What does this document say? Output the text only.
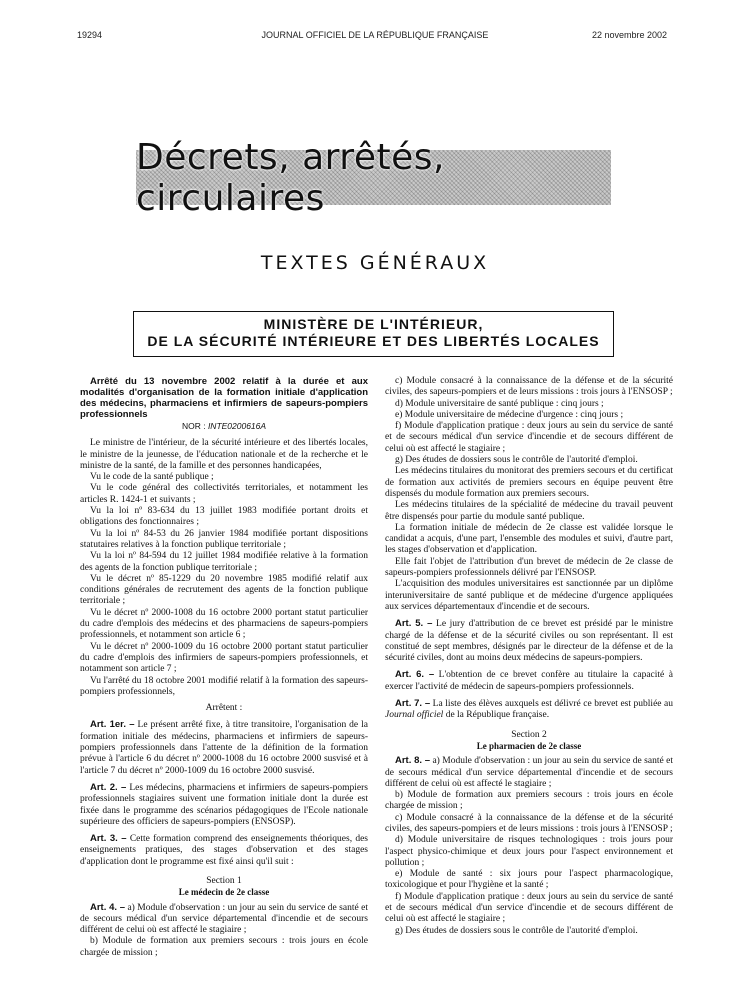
19294	JOURNAL OFFICIEL DE LA RÉPUBLIQUE FRANÇAISE	22 novembre 2002
Décrets, arrêtés, circulaires
TEXTES GÉNÉRAUX
MINISTÈRE DE L'INTÉRIEUR,
DE LA SÉCURITÉ INTÉRIEURE ET DES LIBERTÉS LOCALES

Arrêté du 13 novembre 2002 relatif à la durée et aux modalités d'organisation de la formation initiale d'application des médecins, pharmaciens et infirmiers de sapeurs-pompiers professionnels

NOR : INTE0200616A

Le ministre de l'intérieur, de la sécurité intérieure et des libertés locales, le ministre de la jeunesse, de l'éducation nationale et de la recherche et le ministre de la santé, de la famille et des personnes handicapées,

Vu le code de la santé publique ;

Vu le code général des collectivités territoriales, et notamment les articles R. 1424-1 et suivants ;

Vu la loi nº 83-634 du 13 juillet 1983 modifiée portant droits et obligations des fonctionnaires ;

Vu la loi nº 84-53 du 26 janvier 1984 modifiée portant dispositions statutaires relatives à la fonction publique territoriale ;

Vu la loi nº 84-594 du 12 juillet 1984 modifiée relative à la formation des agents de la fonction publique territoriale ;

Vu le décret nº 85-1229 du 20 novembre 1985 modifié relatif aux conditions générales de recrutement des agents de la fonction publique territoriale ;

Vu le décret nº 2000-1008 du 16 octobre 2000 portant statut particulier du cadre d'emplois des médecins et des pharmaciens de sapeurs-pompiers professionnels, et notamment son article 6 ;

Vu le décret nº 2000-1009 du 16 octobre 2000 portant statut particulier du cadre d'emplois des infirmiers de sapeurs-pompiers professionnels, et notamment son article 7 ;

Vu l'arrêté du 18 octobre 2001 modifié relatif à la formation des sapeurs-pompiers professionnels,

Arrêtent :

Art. 1er. – Le présent arrêté fixe, à titre transitoire, l'organisation de la formation initiale des médecins, pharmaciens et infirmiers de sapeurs-pompiers professionnels dans l'attente de la définition de la formation prévue à l'article 6 du décret nº 2000-1008 du 16 octobre 2000 susvisé et à l'article 7 du décret nº 2000-1009 du 16 octobre 2000 susvisé.

Art. 2. – Les médecins, pharmaciens et infirmiers de sapeurs-pompiers professionnels stagiaires suivent une formation initiale dont la durée est fixée dans le programme des scénarios pédagogiques de l'Ecole nationale supérieure des officiers de sapeurs-pompiers (ENSOSP).

Art. 3. – Cette formation comprend des enseignements théoriques, des enseignements pratiques, des stages d'observation et des stages d'application dont le programme est fixé ainsi qu'il suit :

Section 1

Le médecin de 2e classe

Art. 4. – a) Module d'observation : un jour au sein du service de santé et de secours médical d'un service départemental d'incendie et de secours différent de celui où est affecté le stagiaire ;

b) Module de formation aux premiers secours : trois jours en école chargée de mission ;

c) Module consacré à la connaissance de la défense et de la sécurité civiles, des sapeurs-pompiers et de leurs missions : trois jours à l'ENSOSP ;

d) Module universitaire de santé publique : cinq jours ;

e) Module universitaire de médecine d'urgence : cinq jours ;

f) Module d'application pratique : deux jours au sein du service de santé et de secours médical d'un service d'incendie et de secours différent de celui où est affecté le stagiaire ;

g) Des études de dossiers sous le contrôle de l'autorité d'emploi.

Les médecins titulaires du monitorat des premiers secours et du certificat de formation aux activités de premiers secours en équipe peuvent être dispensés du module formation aux premiers secours.

Les médecins titulaires de la spécialité de médecine du travail peuvent être dispensés pour partie du module santé publique.

La formation initiale de médecin de 2e classe est validée lorsque le candidat a acquis, d'une part, l'ensemble des modules et suivi, d'autre part, les stages d'observation et d'application.

Elle fait l'objet de l'attribution d'un brevet de médecin de 2e classe de sapeurs-pompiers professionnels délivré par l'ENSOSP.

L'acquisition des modules universitaires est sanctionnée par un diplôme interuniversitaire de santé publique et de médecine d'urgence appliquées aux services départementaux d'incendie et de secours.

Art. 5. – Le jury d'attribution de ce brevet est présidé par le ministre chargé de la défense et de la sécurité civiles ou son représentant. Il est constitué de sept membres, désignés par le directeur de la défense et de la sécurité civiles, dont au moins deux médecins de sapeurs-pompiers.

Art. 6. – L'obtention de ce brevet confère au titulaire la capacité à exercer l'activité de médecin de sapeurs-pompiers professionnels.

Art. 7. – La liste des élèves auxquels est délivré ce brevet est publiée au Journal officiel de la République française.

Section 2

Le pharmacien de 2e classe

Art. 8. – a) Module d'observation : un jour au sein du service de santé et de secours médical d'un service départemental d'incendie et de secours différent de celui où est affecté le stagiaire ;

b) Module de formation aux premiers secours : trois jours en école chargée de mission ;

c) Module consacré à la connaissance de la défense et de la sécurité civiles, des sapeurs-pompiers et de leurs missions : trois jours à l'ENSOSP ;

d) Module universitaire de risques technologiques : trois jours pour l'aspect physico-chimique et deux jours pour l'aspect environnement et pollution ;

e) Module de santé : six jours pour l'aspect pharmacologique, toxicologique et pour l'hygiène et la santé ;

f) Module d'application pratique : deux jours au sein du service de santé et de secours médical d'un service d'incendie et de secours différent de celui où est affecté le stagiaire ;

g) Des études de dossiers sous le contrôle de l'autorité d'emploi.
